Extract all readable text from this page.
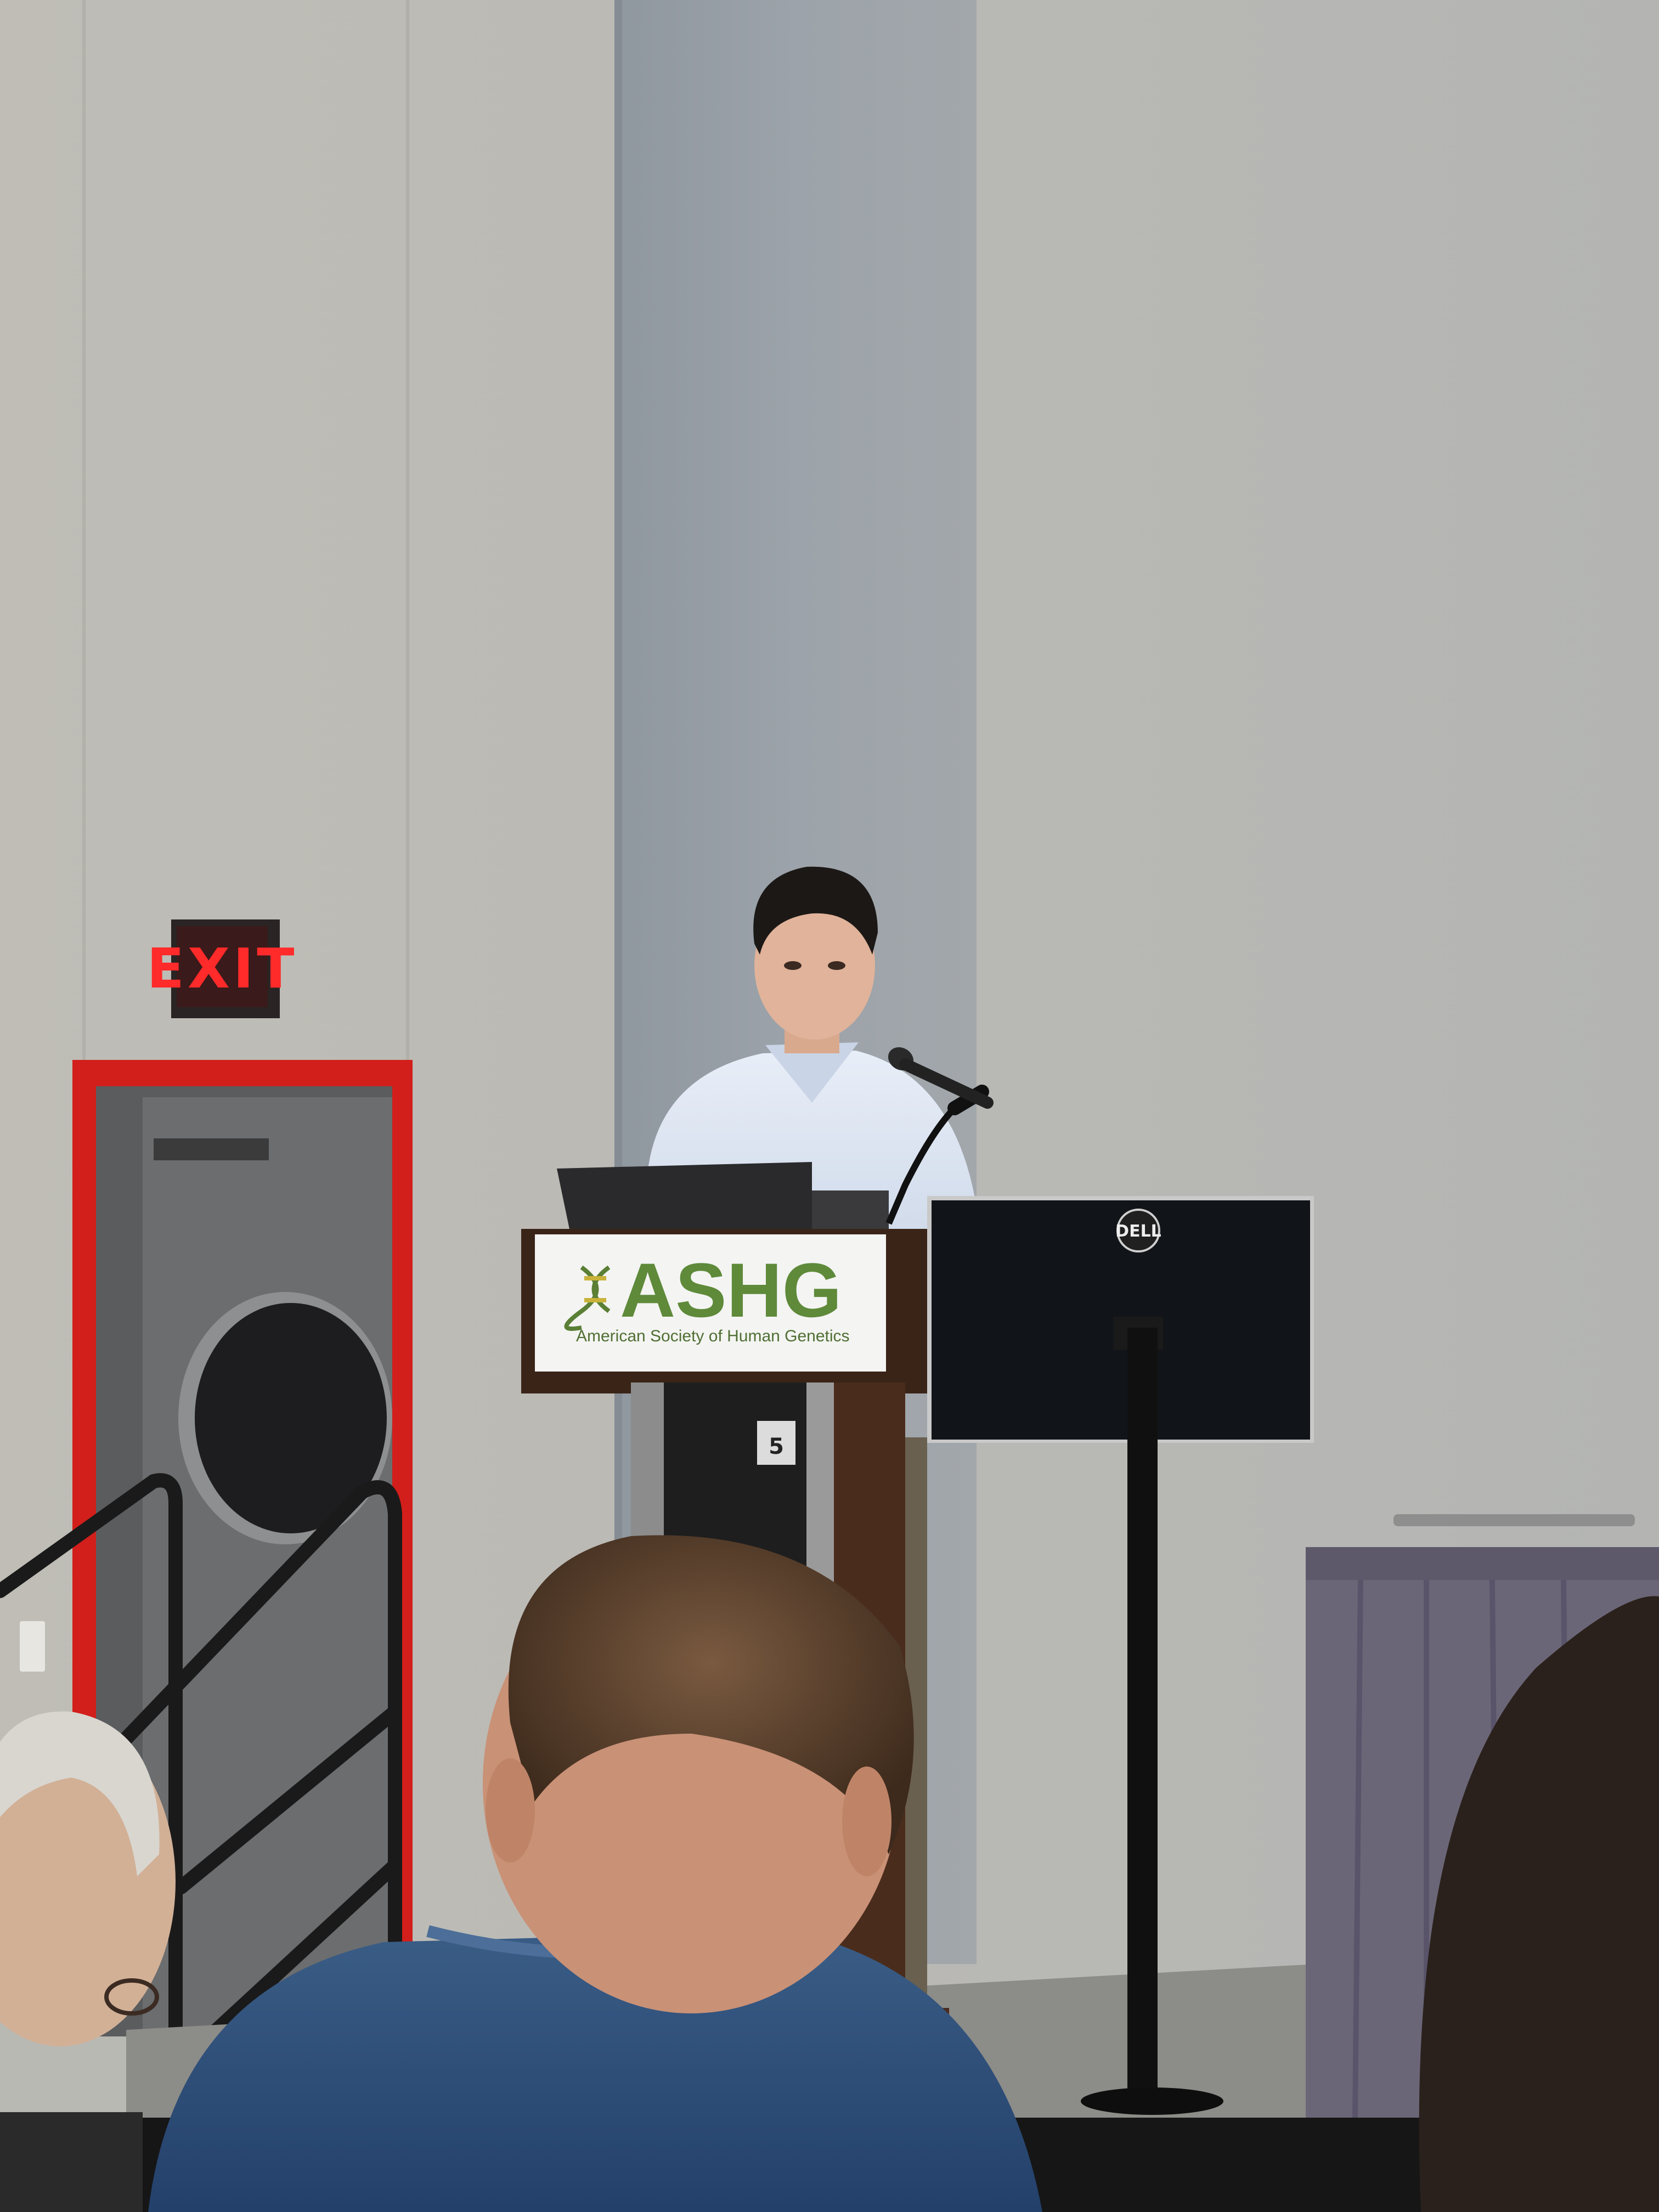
EXIT
ASHG
American Society of Human Genetics
5
DELL
